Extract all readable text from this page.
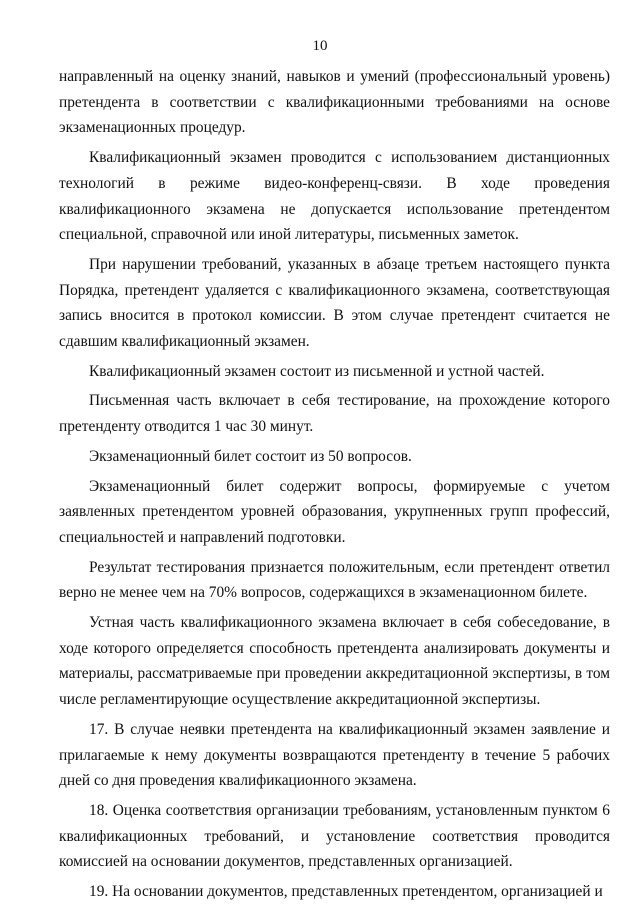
10

направленный на оценку знаний, навыков и умений (профессиональный уровень) претендента в соответствии с квалификационными требованиями на основе экзаменационных процедур.

Квалификационный экзамен проводится с использованием дистанционных технологий в режиме видео-конференц-связи. В ходе проведения квалификационного экзамена не допускается использование претендентом специальной, справочной или иной литературы, письменных заметок.

При нарушении требований, указанных в абзаце третьем настоящего пункта Порядка, претендент удаляется с квалификационного экзамена, соответствующая запись вносится в протокол комиссии. В этом случае претендент считается не сдавшим квалификационный экзамен.

Квалификационный экзамен состоит из письменной и устной частей.

Письменная часть включает в себя тестирование, на прохождение которого претенденту отводится 1 час 30 минут.

Экзаменационный билет состоит из 50 вопросов.

Экзаменационный билет содержит вопросы, формируемые с учетом заявленных претендентом уровней образования, укрупненных групп профессий, специальностей и направлений подготовки.

Результат тестирования признается положительным, если претендент ответил верно не менее чем на 70% вопросов, содержащихся в экзаменационном билете.

Устная часть квалификационного экзамена включает в себя собеседование, в ходе которого определяется способность претендента анализировать документы и материалы, рассматриваемые при проведении аккредитационной экспертизы, в том числе регламентирующие осуществление аккредитационной экспертизы.

17. В случае неявки претендента на квалификационный экзамен заявление и прилагаемые к нему документы возвращаются претенденту в течение 5 рабочих дней со дня проведения квалификационного экзамена.

18. Оценка соответствия организации требованиям, установленным пунктом 6 квалификационных требований, и установление соответствия проводится комиссией на основании документов, представленных организацией.

19. На основании документов, представленных претендентом, организацией и
